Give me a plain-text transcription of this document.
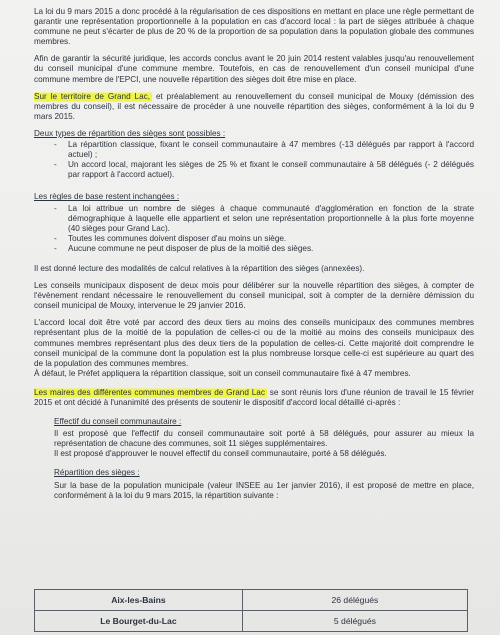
La loi du 9 mars 2015 a donc procédé à la régularisation de ces dispositions en mettant en place une règle permettant de garantir une représentation proportionnelle à la population en cas d'accord local : la part de sièges attribuée à chaque commune ne peut s'écarter de plus de 20 % de la proportion de sa population dans la population globale des communes membres.

Afin de garantir la sécurité juridique, les accords conclus avant le 20 juin 2014 restent valables jusqu'au renouvellement du conseil municipal d'une commune membre. Toutefois, en cas de renouvellement d'un conseil municipal d'une commune membre de l'EPCI, une nouvelle répartition des sièges doit être mise en place.

Sur le territoire de Grand Lac, et préalablement au renouvellement du conseil municipal de Mouxy (démission des membres du conseil), il est nécessaire de procéder à une nouvelle répartition des sièges, conformément à la loi du 9 mars 2015.

Deux types de répartition des sièges sont possibles :
- La répartition classique, fixant le conseil communautaire à 47 membres (-13 délégués par rapport à l'accord actuel) ;
- Un accord local, majorant les sièges de 25 % et fixant le conseil communautaire à 58 délégués (- 2 délégués par rapport à l'accord actuel).
Les règles de base restent inchangées :
- La loi attribue un nombre de sièges à chaque communauté d'agglomération en fonction de la strate démographique à laquelle elle appartient et selon une représentation proportionnelle à la plus forte moyenne (40 sièges pour Grand Lac).
- Toutes les communes doivent disposer d'au moins un siège.
- Aucune commune ne peut disposer de plus de la moitié des sièges.

Il est donné lecture des modalités de calcul relatives à la répartition des sièges (annexées).

Les conseils municipaux disposent de deux mois pour délibérer sur la nouvelle répartition des sièges, à compter de l'évènement rendant nécessaire le renouvellement du conseil municipal, soit à compter de la dernière démission du conseil municipal de Mouxy, intervenue le 29 janvier 2016.

L'accord local doit être voté par accord des deux tiers au moins des conseils municipaux des communes membres représentant plus de la moitié de la population de celles-ci ou de la moitié au moins des conseils municipaux des communes membres représentant plus des deux tiers de la population de celles-ci. Cette majorité doit comprendre le conseil municipal de la commune dont la population est la plus nombreuse lorsque celle-ci est supérieure au quart des de la population des communes membres.

À défaut, le Préfet appliquera la répartition classique, soit un conseil communautaire fixé à 47 membres.

Les maires des différentes communes membres de Grand Lac se sont réunis lors d'une réunion de travail le 15 février 2015 et ont décidé à l'unanimité des présents de soutenir le dispositif d'accord local détaillé ci-après :

Effectif du conseil communautaire :

Il est proposé que l'effectif du conseil communautaire soit porté à 58 délégués, pour assurer au mieux la représentation de chacune des communes, soit 11 sièges supplémentaires.

Il est proposé d'approuver le nouvel effectif du conseil communautaire, porté à 58 délégués.

Répartition des sièges :

Sur la base de la population municipale (valeur INSEE au 1er janvier 2016), il est proposé de mettre en place, conformément à la loi du 9 mars 2015, la répartition suivante :

Aix-les-Bains	26 délégués
Le Bourget-du-Lac	5 délégués
